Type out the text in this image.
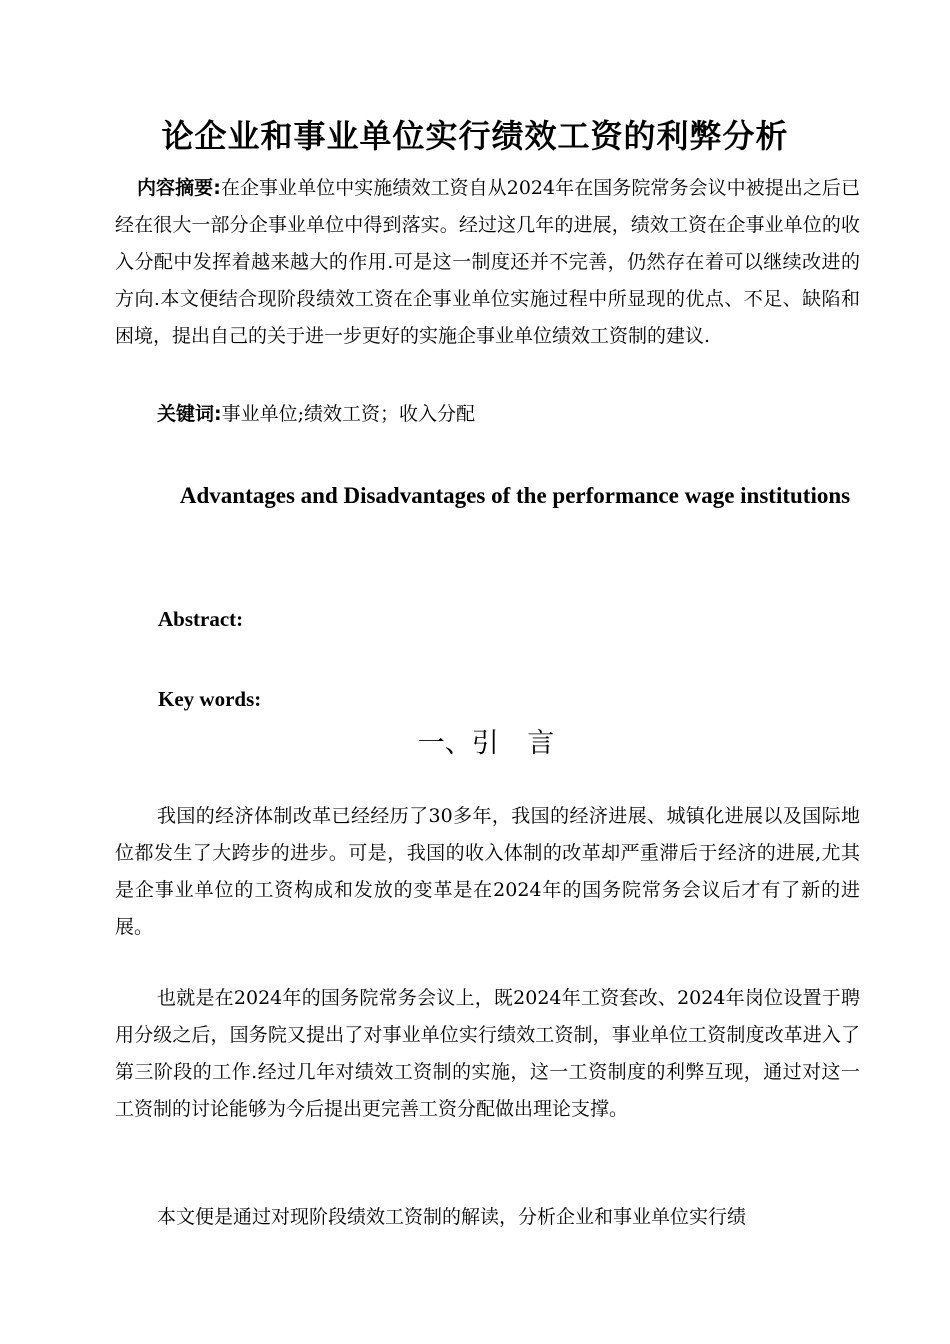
论企业和事业单位实行绩效工资的利弊分析

内容摘要:在企事业单位中实施绩效工资自从2024年在国务院常务会议中被提出之后已经在很大一部分企事业单位中得到落实。经过这几年的进展，绩效工资在企事业单位的收入分配中发挥着越来越大的作用.可是这一制度还并不完善，仍然存在着可以继续改进的方向.本文便结合现阶段绩效工资在企事业单位实施过程中所显现的优点、不足、缺陷和困境，提出自己的关于进一步更好的实施企事业单位绩效工资制的建议.

关键词:事业单位;绩效工资；收入分配

Advantages and Disadvantages of the performance wage institutions
Abstract:
Key words:
一、引 言

我国的经济体制改革已经经历了30多年，我国的经济进展、城镇化进展以及国际地位都发生了大跨步的进步。可是，我国的收入体制的改革却严重滞后于经济的进展,尤其是企事业单位的工资构成和发放的变革是在2024年的国务院常务会议后才有了新的进展。

也就是在2024年的国务院常务会议上，既2024年工资套改、2024年岗位设置于聘用分级之后，国务院又提出了对事业单位实行绩效工资制，事业单位工资制度改革进入了第三阶段的工作.经过几年对绩效工资制的实施，这一工资制度的利弊互现，通过对这一工资制的讨论能够为今后提出更完善工资分配做出理论支撑。

本文便是通过对现阶段绩效工资制的解读，分析企业和事业单位实行绩
